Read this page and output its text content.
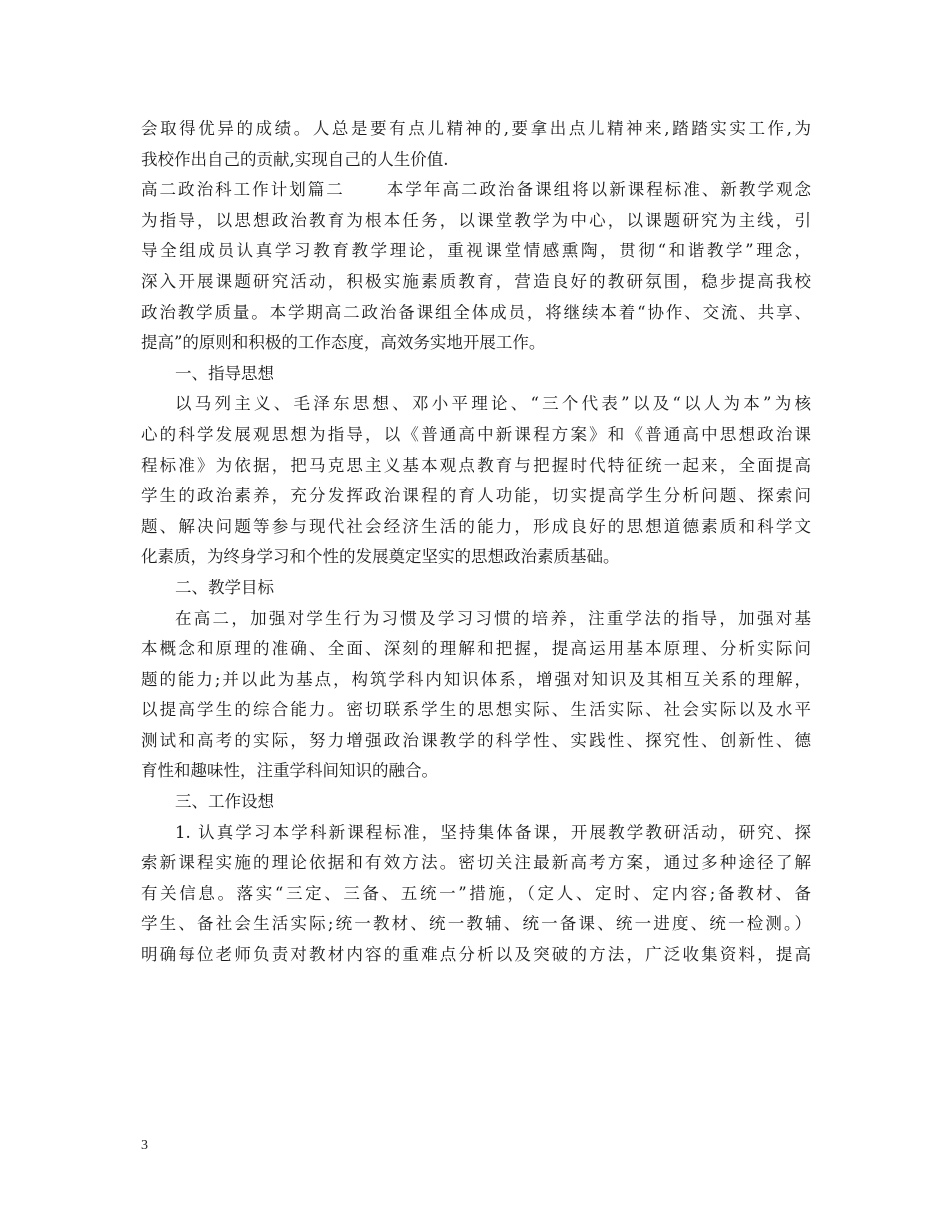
会取得优异的成绩。人总是要有点儿精神的,要拿出点儿精神来,踏踏实实工作,为
我校作出自己的贡献,实现自己的人生价值.
高二政治科工作计划篇二 本学年高二政治备课组将以新课程标准、新教学观念
为指导，以思想政治教育为根本任务，以课堂教学为中心，以课题研究为主线，引
导全组成员认真学习教育教学理论，重视课堂情感熏陶，贯彻“和谐教学”理念，
深入开展课题研究活动，积极实施素质教育，营造良好的教研氛围，稳步提高我校
政治教学质量。本学期高二政治备课组全体成员，将继续本着“协作、交流、共享、
提高”的原则和积极的工作态度，高效务实地开展工作。
一、指导思想
以马列主义、毛泽东思想、邓小平理论、“三个代表”以及“以人为本”为核
心的科学发展观思想为指导，以《普通高中新课程方案》和《普通高中思想政治课
程标准》为依据，把马克思主义基本观点教育与把握时代特征统一起来，全面提高
学生的政治素养，充分发挥政治课程的育人功能，切实提高学生分析问题、探索问
题、解决问题等参与现代社会经济生活的能力，形成良好的思想道德素质和科学文
化素质，为终身学习和个性的发展奠定坚实的思想政治素质基础。
二、教学目标
在高二，加强对学生行为习惯及学习习惯的培养，注重学法的指导，加强对基
本概念和原理的准确、全面、深刻的理解和把握，提高运用基本原理、分析实际问
题的能力;并以此为基点，构筑学科内知识体系，增强对知识及其相互关系的理解，
以提高学生的综合能力。密切联系学生的思想实际、生活实际、社会实际以及水平
测试和高考的实际，努力增强政治课教学的科学性、实践性、探究性、创新性、德
育性和趣味性，注重学科间知识的融合。
三、工作设想
1. 认真学习本学科新课程标准，坚持集体备课，开展教学教研活动，研究、探
索新课程实施的理论依据和有效方法。密切关注最新高考方案，通过多种途径了解
有关信息。落实“三定、三备、五统一”措施，（定人、定时、定内容;备教材、备
学生、备社会生活实际;统一教材、统一教辅、统一备课、统一进度、统一检测。）
明确每位老师负责对教材内容的重难点分析以及突破的方法，广泛收集资料，提高
3
